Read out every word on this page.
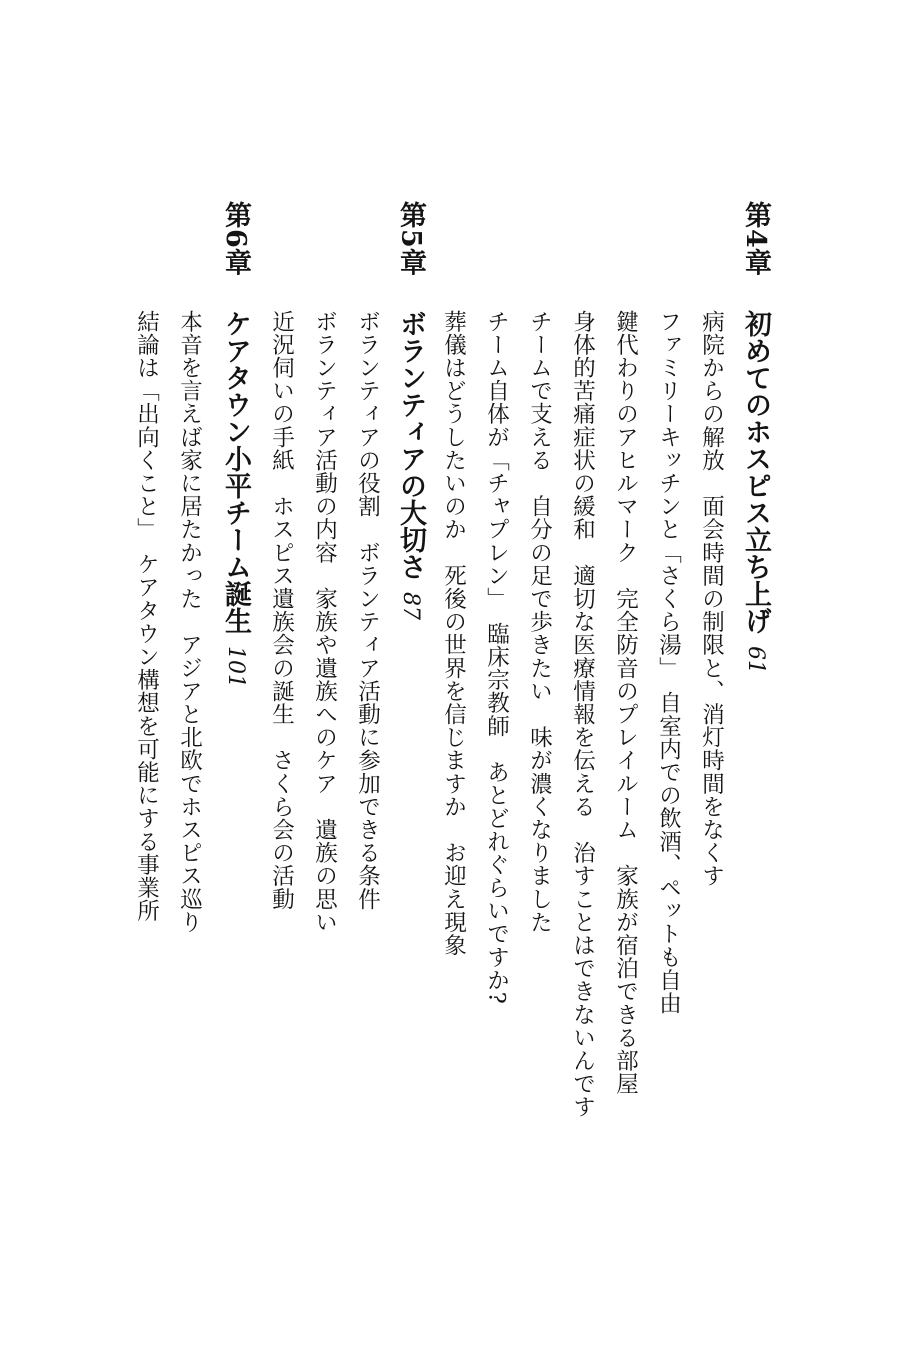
第4章
初めてのホスピス立ち上げ61
病院からの解放　面会時間の制限と、消灯時間をなくす
ファミリーキッチンと「さくら湯」　自室内での飲酒、ペットも自由
鍵代わりのアヒルマーク　完全防音のプレイルーム　家族が宿泊できる部屋
身体的苦痛症状の緩和　適切な医療情報を伝える　治すことはできないんです
チームで支える　自分の足で歩きたい　味が濃くなりました
チーム自体が「チャプレン」　臨床宗教師　あとどれぐらいですか?
葬儀はどうしたいのか　死後の世界を信じますか　お迎え現象
第5章
ボランティアの大切さ87
ボランティアの役割　ボランティア活動に参加できる条件
ボランティア活動の内容　家族や遺族へのケア　遺族の思い
近況伺いの手紙　ホスピス遺族会の誕生　さくら会の活動
第6章
ケアタウン小平チーム誕生101
本音を言えば家に居たかった　アジアと北欧でホスピス巡り
結論は「出向くこと」　ケアタウン構想を可能にする事業所
